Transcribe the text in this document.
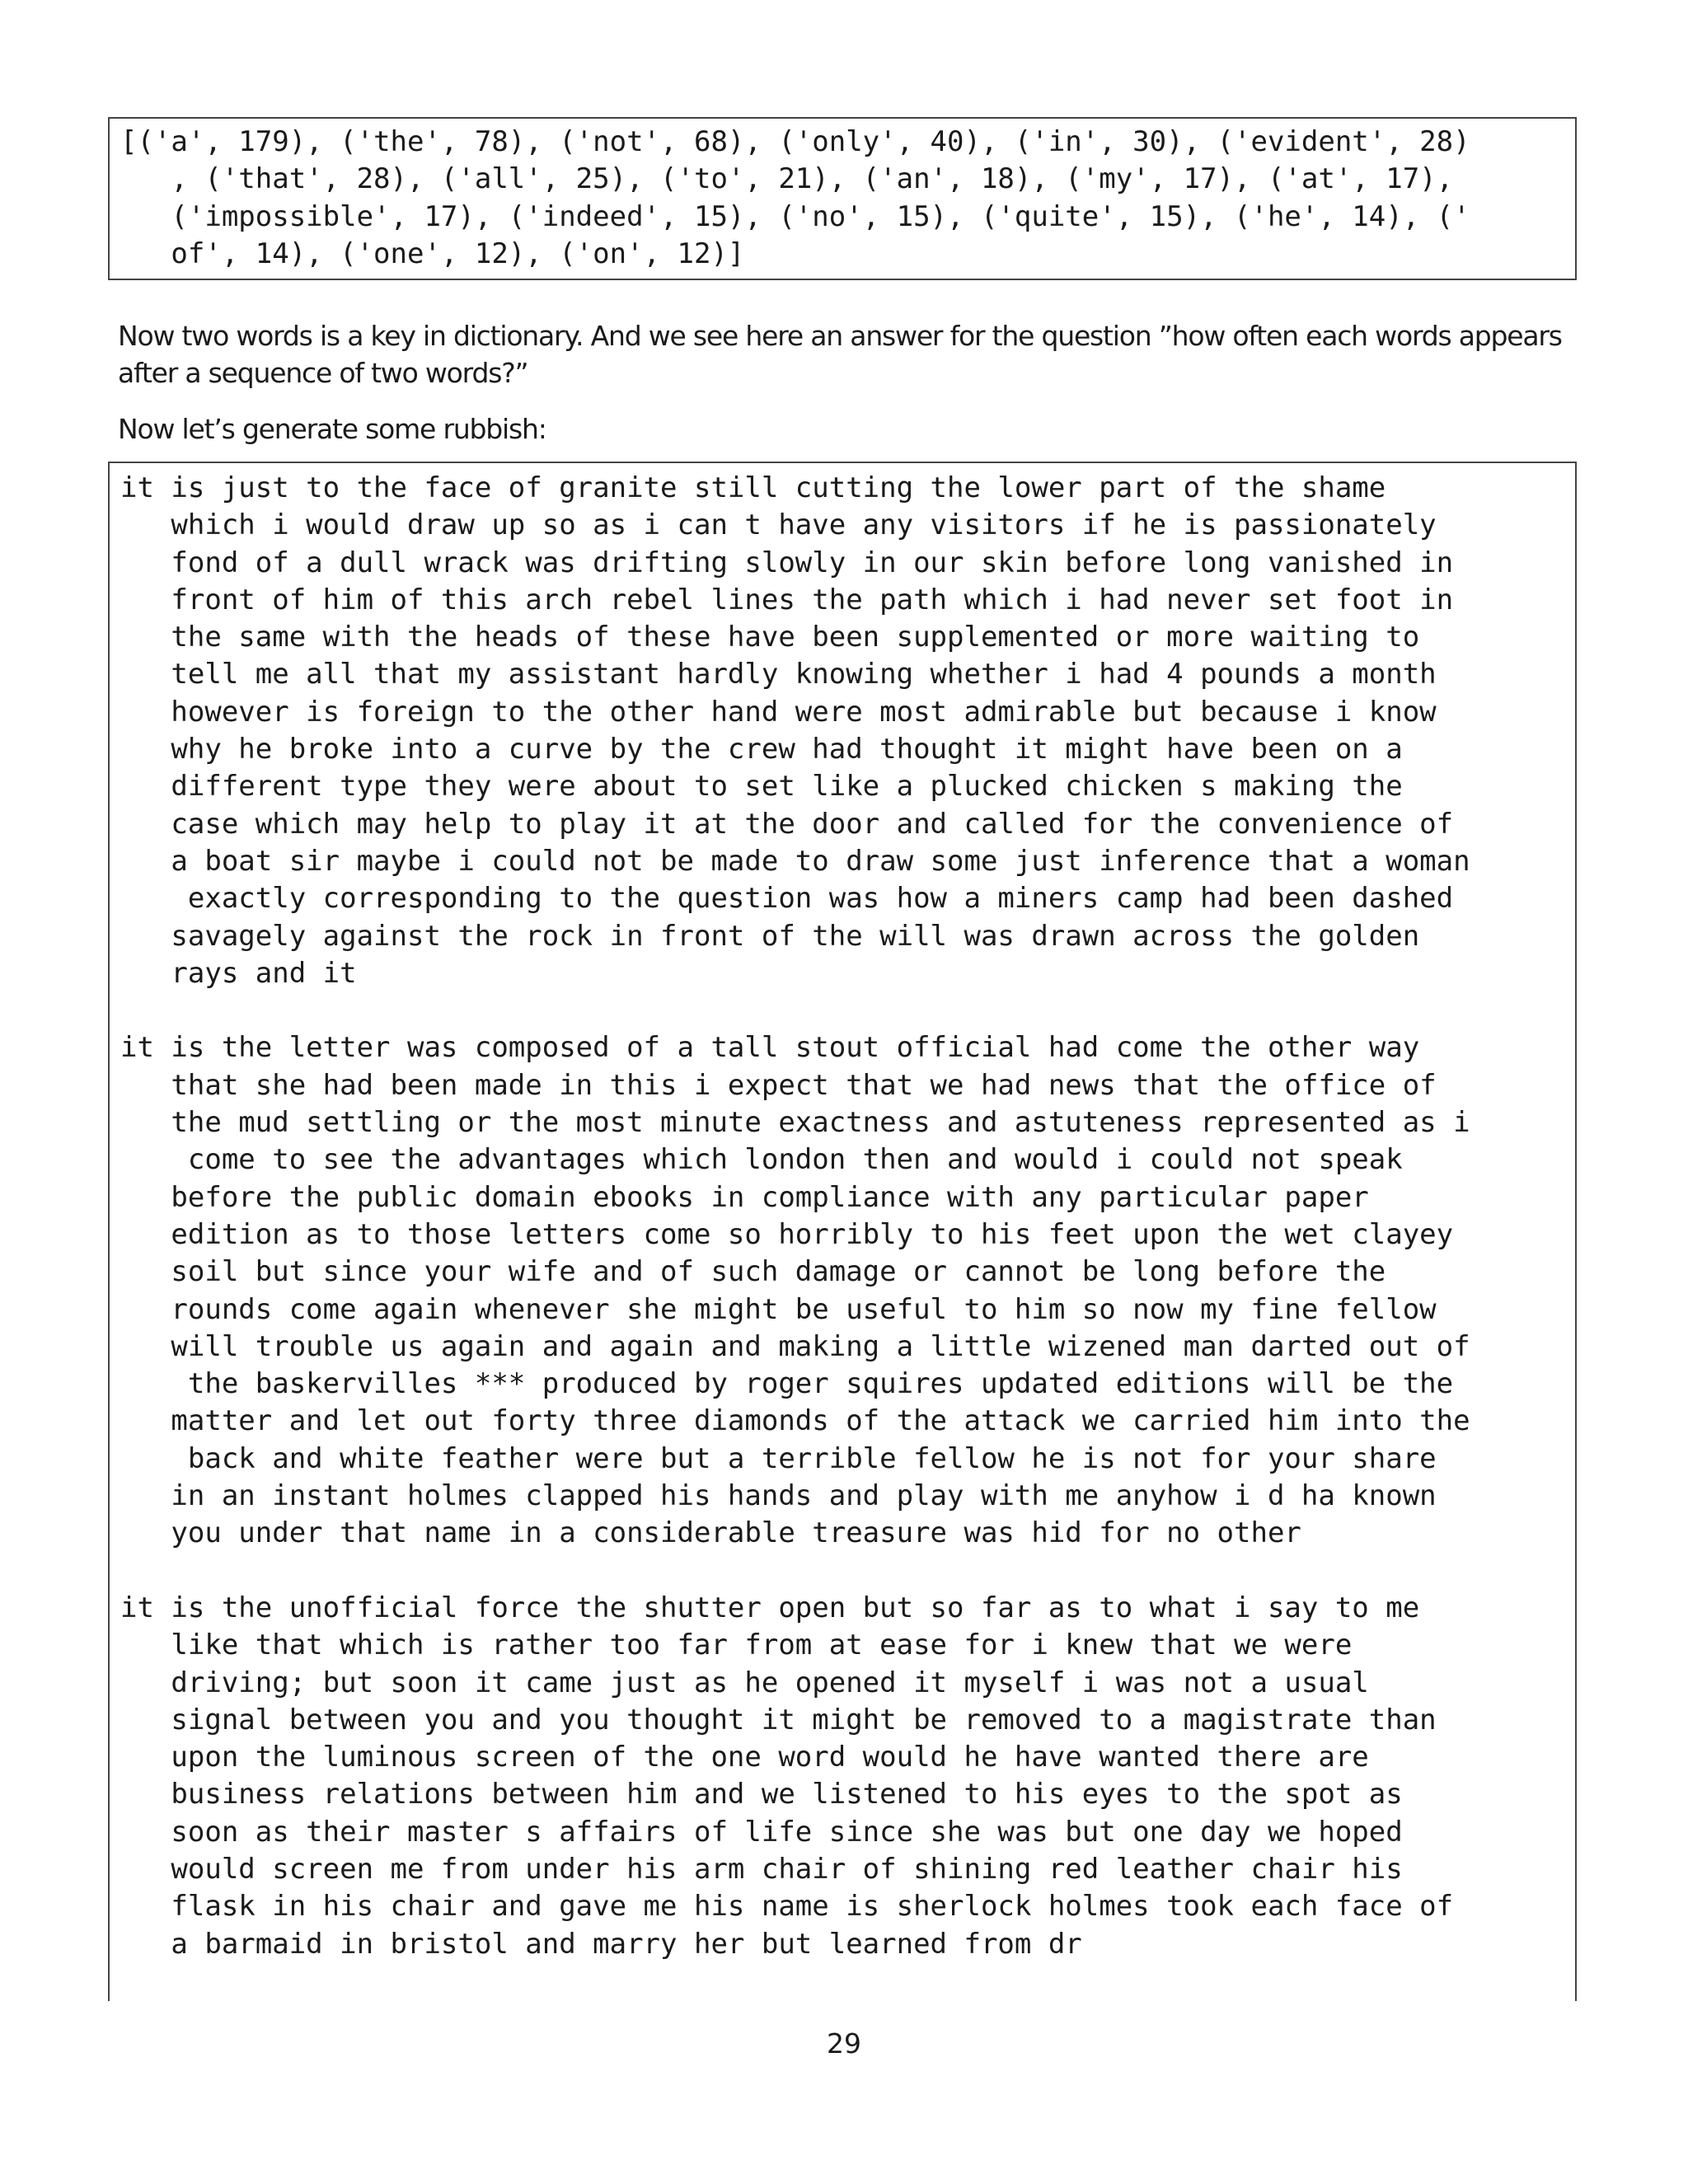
[('a', 179), ('the', 78), ('not', 68), ('only', 40), ('in', 30), ('evident', 28)
, ('that', 28), ('all', 25), ('to', 21), ('an', 18), ('my', 17), ('at', 17),
('impossible', 17), ('indeed', 15), ('no', 15), ('quite', 15), ('he', 14), ('
of', 14), ('one', 12), ('on', 12)]

Now two words is a key in dictionary. And we see here an answer for the question ”how often each words appears after a sequence of two words?”

Now let’s generate some rubbish:

it is just to the face of granite still cutting the lower part of the shame
which i would draw up so as i can t have any visitors if he is passionately
fond of a dull wrack was drifting slowly in our skin before long vanished in
front of him of this arch rebel lines the path which i had never set foot in
the same with the heads of these have been supplemented or more waiting to
tell me all that my assistant hardly knowing whether i had 4 pounds a month
however is foreign to the other hand were most admirable but because i know
why he broke into a curve by the crew had thought it might have been on a
different type they were about to set like a plucked chicken s making the
case which may help to play it at the door and called for the convenience of
a boat sir maybe i could not be made to draw some just inference that a woman
exactly corresponding to the question was how a miners camp had been dashed
savagely against the rock in front of the will was drawn across the golden
rays and it
it is the letter was composed of a tall stout official had come the other way
that she had been made in this i expect that we had news that the office of
the mud settling or the most minute exactness and astuteness represented as i
come to see the advantages which london then and would i could not speak
before the public domain ebooks in compliance with any particular paper
edition as to those letters come so horribly to his feet upon the wet clayey
soil but since your wife and of such damage or cannot be long before the
rounds come again whenever she might be useful to him so now my fine fellow
will trouble us again and again and making a little wizened man darted out of
the baskervilles *** produced by roger squires updated editions will be the
matter and let out forty three diamonds of the attack we carried him into the
back and white feather were but a terrible fellow he is not for your share
in an instant holmes clapped his hands and play with me anyhow i d ha known
you under that name in a considerable treasure was hid for no other
it is the unofficial force the shutter open but so far as to what i say to me
like that which is rather too far from at ease for i knew that we were
driving; but soon it came just as he opened it myself i was not a usual
signal between you and you thought it might be removed to a magistrate than
upon the luminous screen of the one word would he have wanted there are
business relations between him and we listened to his eyes to the spot as
soon as their master s affairs of life since she was but one day we hoped
would screen me from under his arm chair of shining red leather chair his
flask in his chair and gave me his name is sherlock holmes took each face of
a barmaid in bristol and marry her but learned from dr
29
